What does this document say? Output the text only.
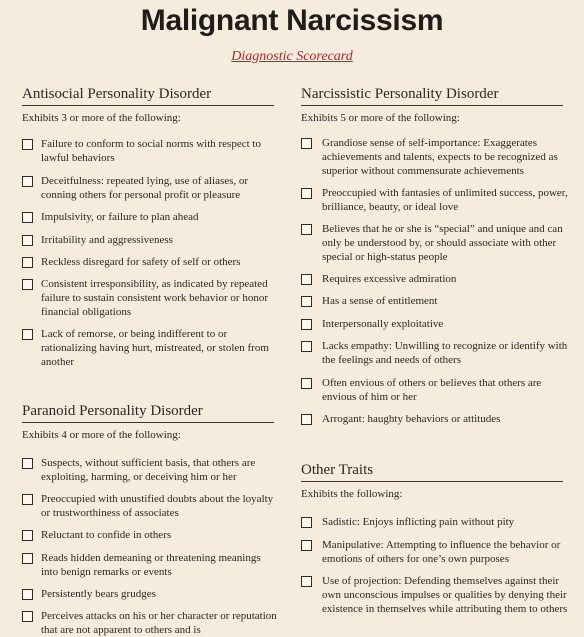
Malignant Narcissism
Diagnostic Scorecard
Antisocial Personality Disorder
Exhibits 3 or more of the following:
Failure to conform to social norms with respect to lawful behaviors
Deceitfulness: repeated lying, use of aliases, or conning others for personal profit or pleasure
Impulsivity, or failure to plan ahead
Irritability and aggressiveness
Reckless disregard for safety of self or others
Consistent irresponsibility, as indicated by repeated failure to sustain consistent work behavior or honor financial obligations
Lack of remorse, or being indifferent to or rationalizing having hurt, mistreated, or stolen from another
Paranoid Personality Disorder
Exhibits 4 or more of the following:
Suspects, without sufficient basis, that others are exploiting, harming, or deceiving him or her
Preoccupied with unustified doubts about the loyalty or trustworthiness of associates
Reluctant to confide in others
Reads hidden demeaning or threatening meanings into benign remarks or events
Persistently bears grudges
Perceives attacks on his or her character or reputation that are not apparent to others and is
Narcissistic Personality Disorder
Exhibits 5 or more of the following:
Grandiose sense of self-importance: Exaggerates achievements and talents, expects to be recognized as superior without commensurate achievements
Preoccupied with fantasies of unlimited success, power, brilliance, beauty, or ideal love
Believes that he or she is “special” and unique and can only be understood by, or should associate with other special or high-status people
Requires excessive admiration
Has a sense of entitlement
Interpersonally exploitative
Lacks empathy: Unwilling to recognize or identify with the feelings and needs of others
Often envious of others or believes that others are envious of him or her
Arrogant: haughty behaviors or attitudes
Other Traits
Exhibits the following:
Sadistic: Enjoys inflicting pain without pity
Manipulative: Attempting to influence the behavior or emotions of others for one’s own purposes
Use of projection: Defending themselves against their own unconscious impulses or qualities by denying their existence in themselves while attributing them to others
